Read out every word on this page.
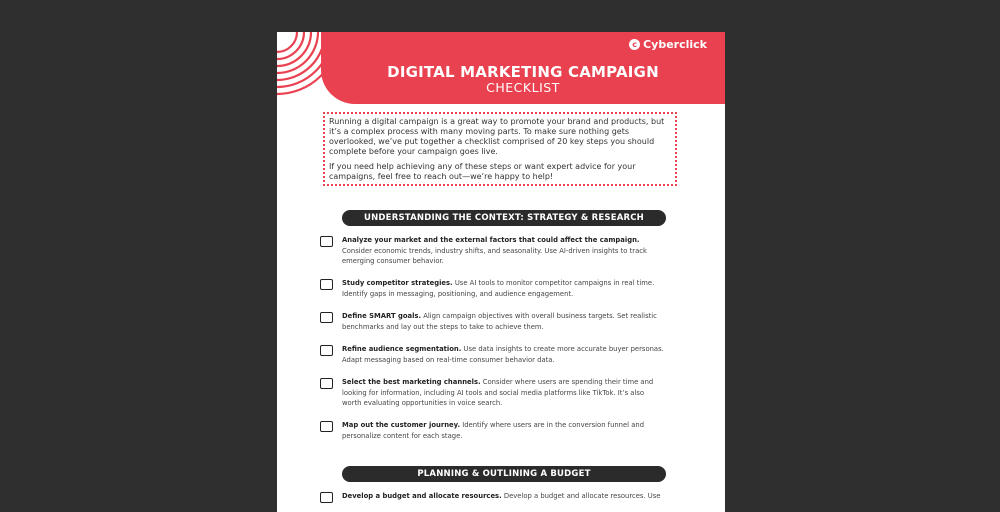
c Cyberclick
DIGITAL MARKETING CAMPAIGN
CHECKLIST

Running a digital campaign is a great way to promote your brand and products, but it’s a complex process with many moving parts. To make sure nothing gets overlooked, we’ve put together a checklist comprised of 20 key steps you should complete before your campaign goes live.

If you need help achieving any of these steps or want expert advice for your campaigns, feel free to reach out—we’re happy to help!

UNDERSTANDING THE CONTEXT: STRATEGY & RESEARCH
Analyze your market and the external factors that could affect the campaign. Consider economic trends, industry shifts, and seasonality. Use AI-driven insights to track emerging consumer behavior.
Study competitor strategies. Use AI tools to monitor competitor campaigns in real time. Identify gaps in messaging, positioning, and audience engagement.
Define SMART goals. Align campaign objectives with overall business targets. Set realistic benchmarks and lay out the steps to take to achieve them.
Refine audience segmentation. Use data insights to create more accurate buyer personas. Adapt messaging based on real-time consumer behavior data.
Select the best marketing channels. Consider where users are spending their time and looking for information, including AI tools and social media platforms like TikTok. It’s also worth evaluating opportunities in voice search.
Map out the customer journey. Identify where users are in the conversion funnel and personalize content for each stage.
PLANNING & OUTLINING A BUDGET
Develop a budget and allocate resources. Develop a budget and allocate resources. Use
